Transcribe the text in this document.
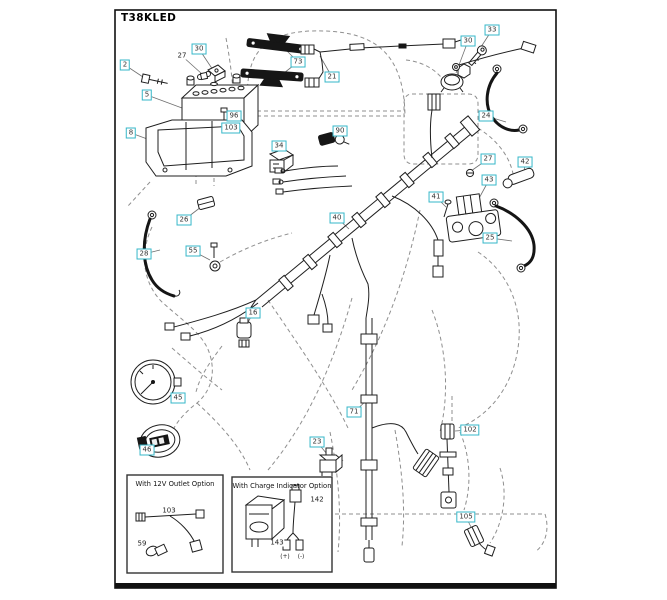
T38KLED
With 12V Outlet Option	With Charge Indicator Option
2
27
30
5
8
96
103
73
21
34
90
30
33
24
27	42
43
41
25
26
28	55
40
16
45
46
71
23
102
105
103
59
142
143
(+) (-)
